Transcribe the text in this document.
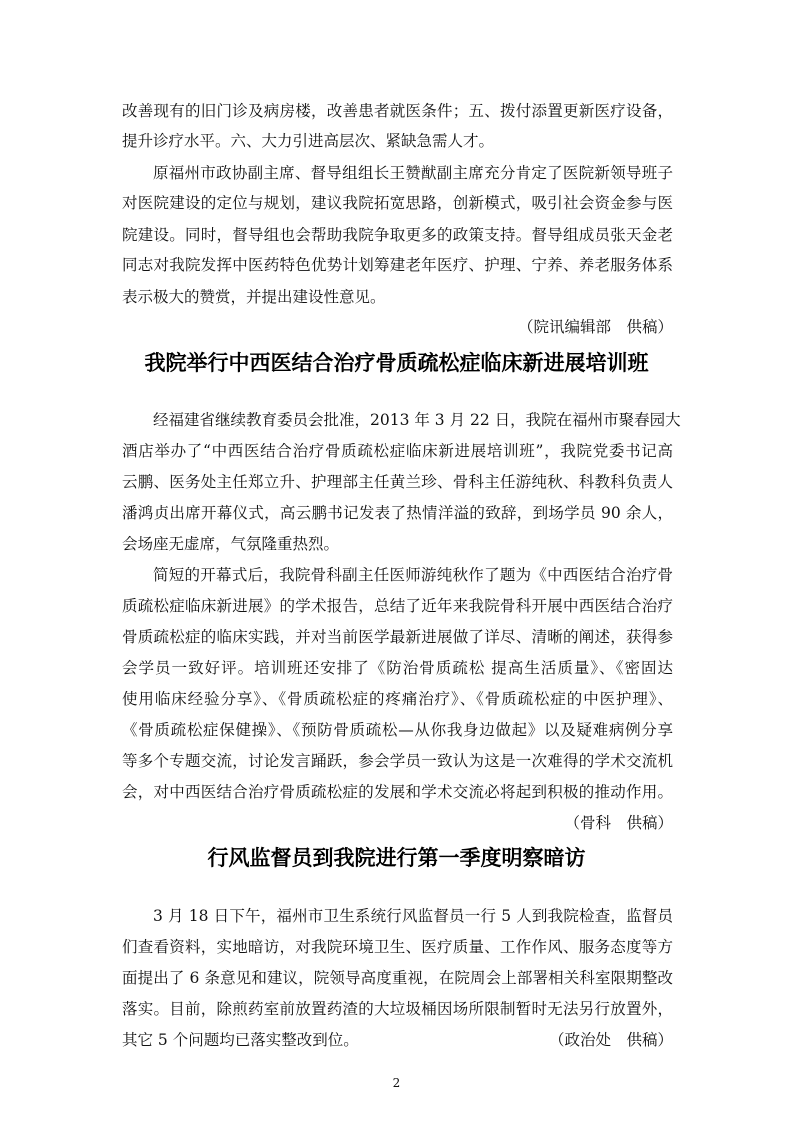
改善现有的旧门诊及病房楼，改善患者就医条件；五、拨付添置更新医疗设备，
提升诊疗水平。六、大力引进高层次、紧缺急需人才。
原福州市政协副主席、督导组组长王赞猷副主席充分肯定了医院新领导班子
对医院建设的定位与规划，建议我院拓宽思路，创新模式，吸引社会资金参与医
院建设。同时，督导组也会帮助我院争取更多的政策支持。督导组成员张天金老
同志对我院发挥中医药特色优势计划筹建老年医疗、护理、宁养、养老服务体系
表示极大的赞赏，并提出建设性意见。
（院讯编辑部　供稿）
我院举行中西医结合治疗骨质疏松症临床新进展培训班
经福建省继续教育委员会批准，2013 年 3 月 22 日，我院在福州市聚春园大
酒店举办了“中西医结合治疗骨质疏松症临床新进展培训班”，我院党委书记高
云鹏、医务处主任郑立升、护理部主任黄兰珍、骨科主任游纯秋、科教科负责人
潘鸿贞出席开幕仪式，高云鹏书记发表了热情洋溢的致辞，到场学员 90 余人，
会场座无虚席，气氛隆重热烈。
简短的开幕式后，我院骨科副主任医师游纯秋作了题为《中西医结合治疗骨
质疏松症临床新进展》的学术报告，总结了近年来我院骨科开展中西医结合治疗
骨质疏松症的临床实践，并对当前医学最新进展做了详尽、清晰的阐述，获得参
会学员一致好评。培训班还安排了《防治骨质疏松 提高生活质量》、《密固达
使用临床经验分享》、《骨质疏松症的疼痛治疗》、《骨质疏松症的中医护理》、
《骨质疏松症保健操》、《预防骨质疏松—从你我身边做起》以及疑难病例分享
等多个专题交流，讨论发言踊跃，参会学员一致认为这是一次难得的学术交流机
会，对中西医结合治疗骨质疏松症的发展和学术交流必将起到积极的推动作用。
（骨科　供稿）
行风监督员到我院进行第一季度明察暗访
3 月 18 日下午，福州市卫生系统行风监督员一行 5 人到我院检查，监督员
们查看资料，实地暗访，对我院环境卫生、医疗质量、工作作风、服务态度等方
面提出了 6 条意见和建议，院领导高度重视，在院周会上部署相关科室限期整改
落实。目前，除煎药室前放置药渣的大垃圾桶因场所限制暂时无法另行放置外，
其它 5 个问题均已落实整改到位。	（政治处　供稿）
2
